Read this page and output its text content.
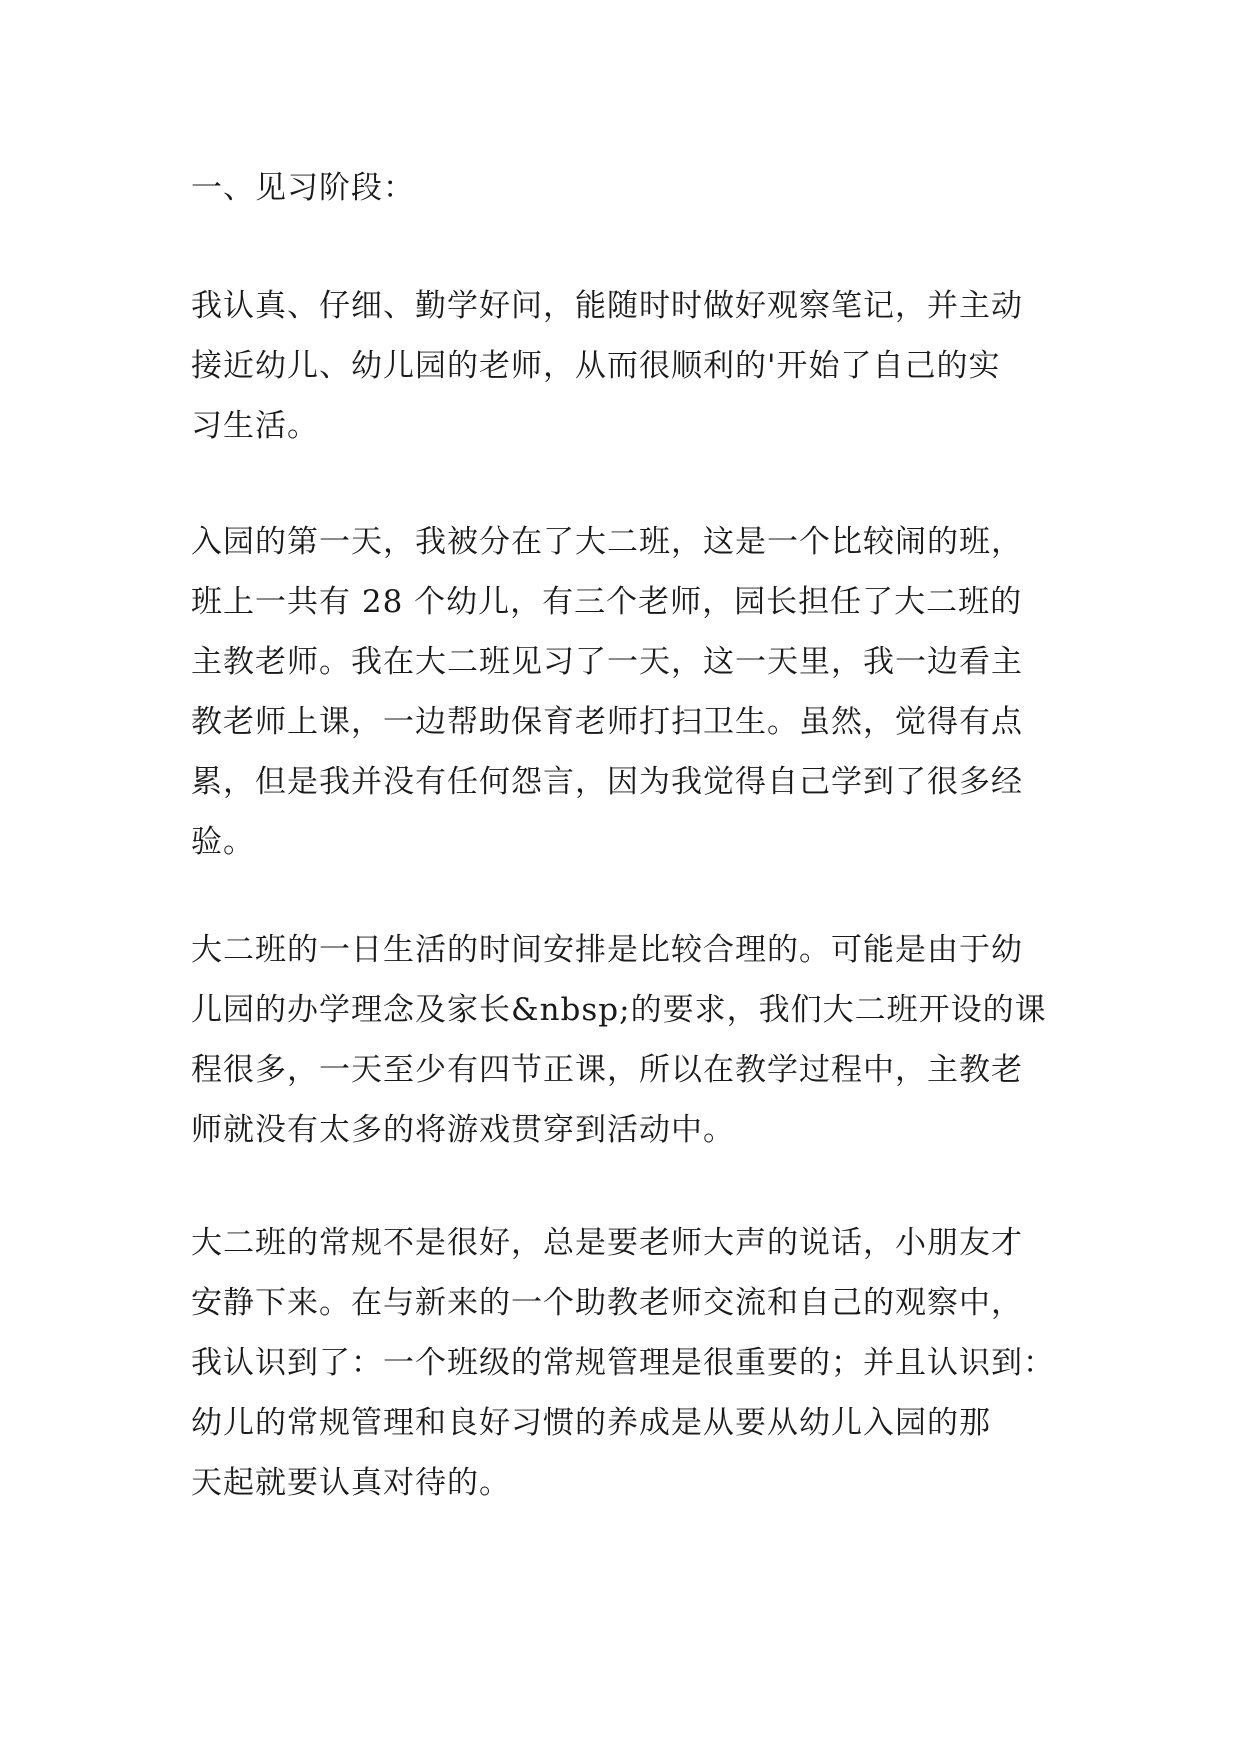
一、见习阶段：

我认真、仔细、勤学好问，能随时时做好观察笔记，并主动
接近幼儿、幼儿园的老师，从而很顺利的'开始了自己的实
习生活。

入园的第一天，我被分在了大二班，这是一个比较闹的班，
班上一共有 28 个幼儿，有三个老师，园长担任了大二班的
主教老师。我在大二班见习了一天，这一天里，我一边看主
教老师上课，一边帮助保育老师打扫卫生。虽然，觉得有点
累，但是我并没有任何怨言，因为我觉得自己学到了很多经
验。

大二班的一日生活的时间安排是比较合理的。可能是由于幼
儿园的办学理念及家长&nbsp;的要求，我们大二班开设的课
程很多，一天至少有四节正课，所以在教学过程中，主教老
师就没有太多的将游戏贯穿到活动中。

大二班的常规不是很好，总是要老师大声的说话，小朋友才
安静下来。在与新来的一个助教老师交流和自己的观察中，
我认识到了：一个班级的常规管理是很重要的；并且认识到：
幼儿的常规管理和良好习惯的养成是从要从幼儿入园的那
天起就要认真对待的。
